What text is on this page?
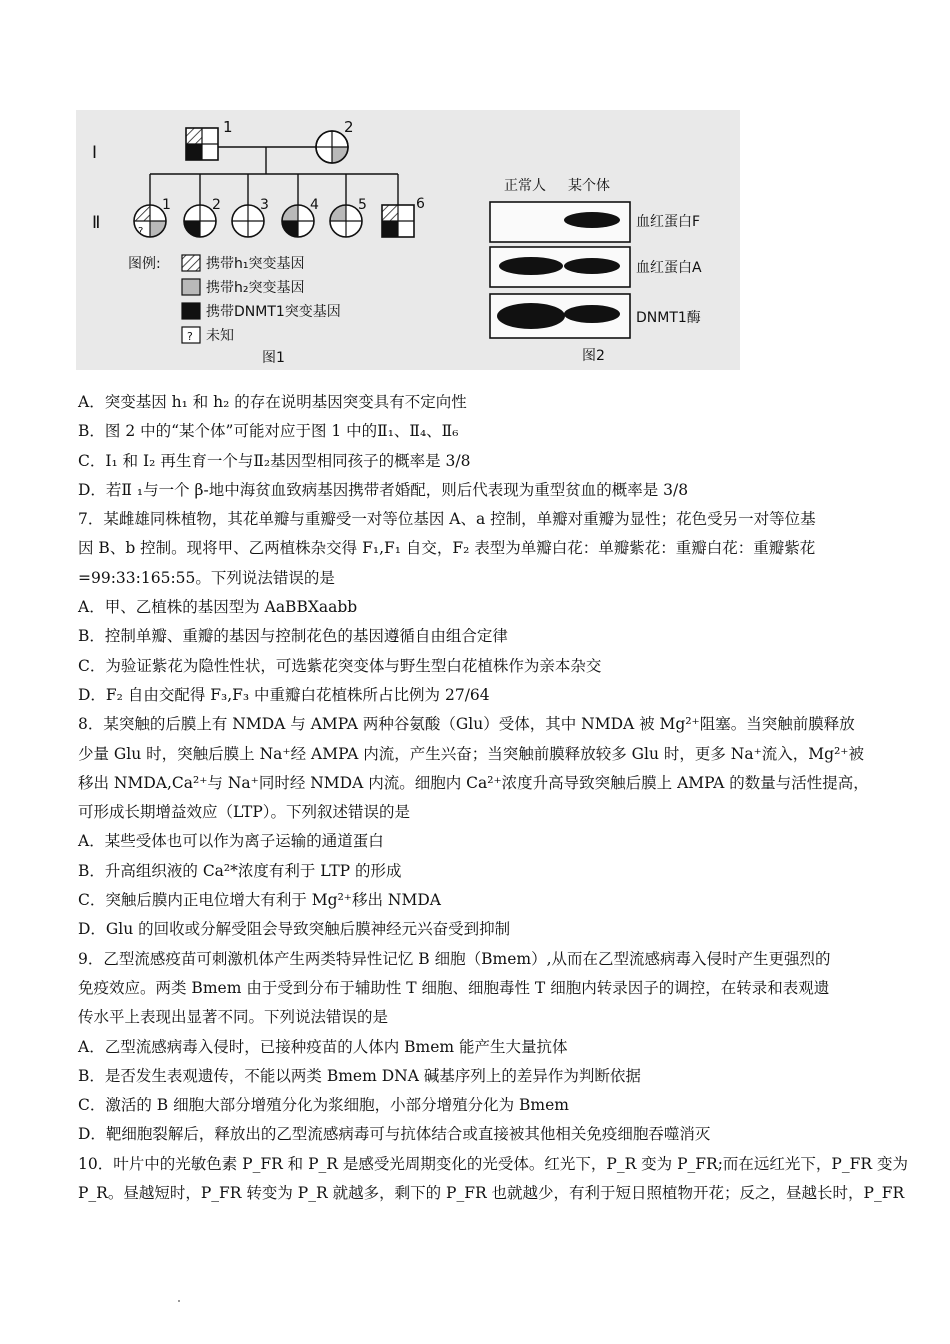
I
Ⅱ
1	2
?
1	2	3	4	5	6
图例:	携带h₁突变基因
携带h₂突变基因
携带DNMT1突变基因
? 未知
图1
正常人 某个体
血红蛋白F
血红蛋白A
DNMT1酶
图2
A．突变基因 h₁ 和 h₂ 的存在说明基因突变具有不定向性
B．图 2 中的“某个体”可能对应于图 1 中的Ⅱ₁、Ⅱ₄、Ⅱ₆
C．I₁ 和 I₂ 再生育一个与Ⅱ₂基因型相同孩子的概率是 3/8
D．若Ⅱ ₁与一个 β-地中海贫血致病基因携带者婚配，则后代表现为重型贫血的概率是 3/8
7．某雌雄同株植物，其花单瓣与重瓣受一对等位基因 A、a 控制，单瓣对重瓣为显性；花色受另一对等位基
因 B、b 控制。现将甲、乙两植株杂交得 F₁,F₁ 自交，F₂ 表型为单瓣白花：单瓣紫花：重瓣白花：重瓣紫花
=99:33:165:55。下列说法错误的是
A．甲、乙植株的基因型为 AaBBXaabb
B．控制单瓣、重瓣的基因与控制花色的基因遵循自由组合定律
C．为验证紫花为隐性性状，可选紫花突变体与野生型白花植株作为亲本杂交
D．F₂ 自由交配得 F₃,F₃ 中重瓣白花植株所占比例为 27/64
8．某突触的后膜上有 NMDA 与 AMPA 两种谷氨酸（Glu）受体，其中 NMDA 被 Mg²⁺阻塞。当突触前膜释放
少量 Glu 时，突触后膜上 Na⁺经 AMPA 内流，产生兴奋；当突触前膜释放较多 Glu 时，更多 Na⁺流入，Mg²⁺被
移出 NMDA,Ca²⁺与 Na⁺同时经 NMDA 内流。细胞内 Ca²⁺浓度升高导致突触后膜上 AMPA 的数量与活性提高，
可形成长期增益效应（LTP）。下列叙述错误的是
A．某些受体也可以作为离子运输的通道蛋白
B．升高组织液的 Ca²*浓度有利于 LTP 的形成
C．突触后膜内正电位增大有利于 Mg²⁺移出 NMDA
D．Glu 的回收或分解受阻会导致突触后膜神经元兴奋受到抑制
9．乙型流感疫苗可刺激机体产生两类特异性记忆 B 细胞（Bmem）,从而在乙型流感病毒入侵时产生更强烈的
免疫效应。两类 Bmem 由于受到分布于辅助性 T 细胞、细胞毒性 T 细胞内转录因子的调控，在转录和表观遗
传水平上表现出显著不同。下列说法错误的是
A．乙型流感病毒入侵时，已接种疫苗的人体内 Bmem 能产生大量抗体
B．是否发生表观遗传，不能以两类 Bmem DNA 碱基序列上的差异作为判断依据
C．激活的 B 细胞大部分增殖分化为浆细胞，小部分增殖分化为 Bmem
D．靶细胞裂解后，释放出的乙型流感病毒可与抗体结合或直接被其他相关免疫细胞吞噬消灭
10．叶片中的光敏色素 P_FR 和 P_R 是感受光周期变化的光受体。红光下，P_R 变为 P_FR;而在远红光下，P_FR 变为
P_R。昼越短时，P_FR 转变为 P_R 就越多，剩下的 P_FR 也就越少，有利于短日照植物开花；反之，昼越长时，P_FR
